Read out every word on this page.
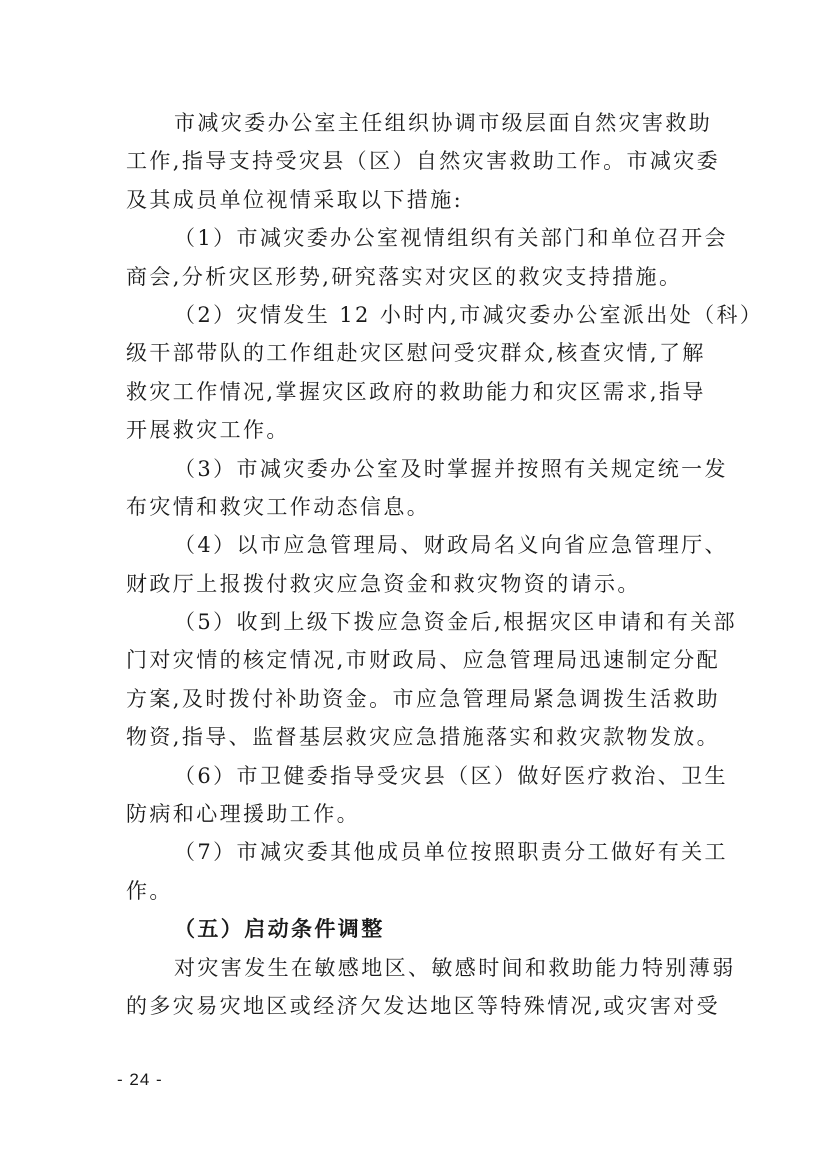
市减灾委办公室主任组织协调市级层面自然灾害救助
工作,指导支持受灾县（区）自然灾害救助工作。市减灾委
及其成员单位视情采取以下措施:
（1）市减灾委办公室视情组织有关部门和单位召开会
商会,分析灾区形势,研究落实对灾区的救灾支持措施。
（2）灾情发生 12 小时内,市减灾委办公室派出处（科）
级干部带队的工作组赴灾区慰问受灾群众,核查灾情,了解
救灾工作情况,掌握灾区政府的救助能力和灾区需求,指导
开展救灾工作。
（3）市减灾委办公室及时掌握并按照有关规定统一发
布灾情和救灾工作动态信息。
（4）以市应急管理局、财政局名义向省应急管理厅、
财政厅上报拨付救灾应急资金和救灾物资的请示。
（5）收到上级下拨应急资金后,根据灾区申请和有关部
门对灾情的核定情况,市财政局、应急管理局迅速制定分配
方案,及时拨付补助资金。市应急管理局紧急调拨生活救助
物资,指导、监督基层救灾应急措施落实和救灾款物发放。
（6）市卫健委指导受灾县（区）做好医疗救治、卫生
防病和心理援助工作。
（7）市减灾委其他成员单位按照职责分工做好有关工
作。
（五）启动条件调整
对灾害发生在敏感地区、敏感时间和救助能力特别薄弱
的多灾易灾地区或经济欠发达地区等特殊情况,或灾害对受
- 24 -
